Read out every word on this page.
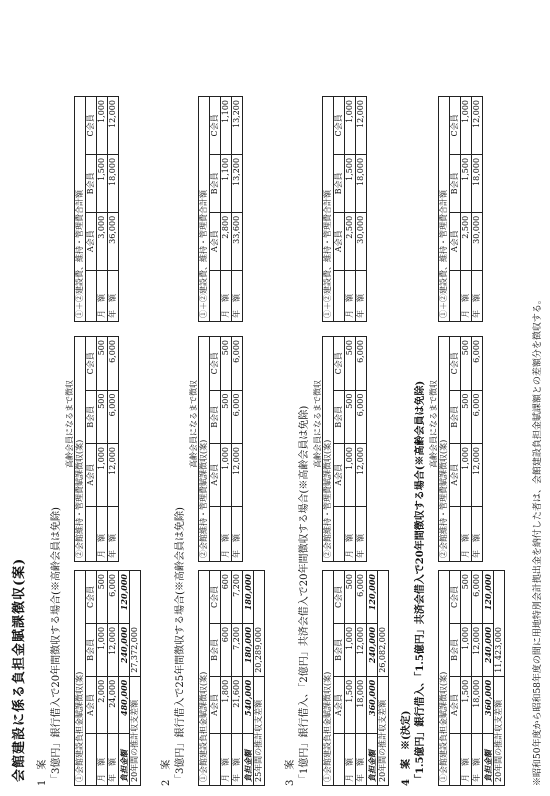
会館建設に係る負担金賦課徴収(案) 1　案 「3億円」銀行借入で20年間徴収する場合(※高齢会員は免除)
高齢会員になるまで徴収
①会館建設負担金賦課徴収(案)			
	A会員	B会員	C会員
月　額	2,000	1,000	500
年　額	24,000	12,000	6,000
負担金額	480,000	240,000	120,000
20年間の推計収支差額		27,372,000	
②会館維持・管理費賦課徴収(案)			
	A会員	B会員	C会員
月　額	1,000	500	500
年　額	12,000	6,000	6,000
①＋②建設費、維持・管理費合計額			
	A会員	B会員	C会員
月　額	3,000	1,500	1,000
年　額	36,000	18,000	12,000
2　案 「3億円」銀行借入で25年間徴収する場合(※高齢会員は免除)
高齢会員になるまで徴収
①会館建設負担金賦課徴収(案)			
	A会員	B会員	C会員
月　額	1,800	600	600
年　額	21,600	7,200	7,200
負担金額	540,000	180,000	180,000
25年間の推計収支差額		20,289,000	
②会館維持・管理費賦課徴収(案)			
	A会員	B会員	C会員
月　額	1,000	500	500
年　額	12,000	6,000	6,000
①＋②建設費、維持・管理費合計額			
	A会員	B会員	C会員
月　額	2,800	1,100	1,100
年　額	33,600	13,200	13,200
3　案 「1億円」銀行借入、「2億円」共済会借入で20年間徴収する場合(※高齢会員は免除) 高齢会員になるまで徴収
①会館建設負担金賦課徴収(案)			
	A会員	B会員	C会員
月　額	1,500	1,000	500
年　額	18,000	12,000	6,000
負担金額	360,000	240,000	120,000
20年間の推計収支差額		26,082,000	
②会館維持・管理費賦課徴収(案)			
	A会員	B会員	C会員
月　額	1,000	500	500
年　額	12,000	6,000	6,000
①＋②建設費、維持・管理費合計額			
	A会員	B会員	C会員
月　額	2,500	1,500	1,000
年　額	30,000	18,000	12,000
4　案※(決定) 「1.5億円」銀行借入、「1.5億円」共済会借入で20年間徴収する場合(※高齢会員は免除) 高齢会員になるまで徴収
①会館建設負担金賦課徴収(案)			
	A会員	B会員	C会員
月　額	1,500	1,000	500
年　額	18,000	12,000	6,000
負担金額	360,000	240,000	120,000
20年間の推計収支差額		11,423,000	
②会館維持・管理費賦課徴収(案)			
	A会員	B会員	C会員
月　額	1,000	500	500
年　額	12,000	6,000	6,000
①＋②建設費、維持・管理費合計額			
	A会員	B会員	C会員
月　額	2,500	1,500	1,000
年　額	30,000	18,000	12,000
※昭和50年度から昭和58年度の間に用地特別会計拠出金を納付した者は、会館建設負担金賦課額との差額分を徴収する。
